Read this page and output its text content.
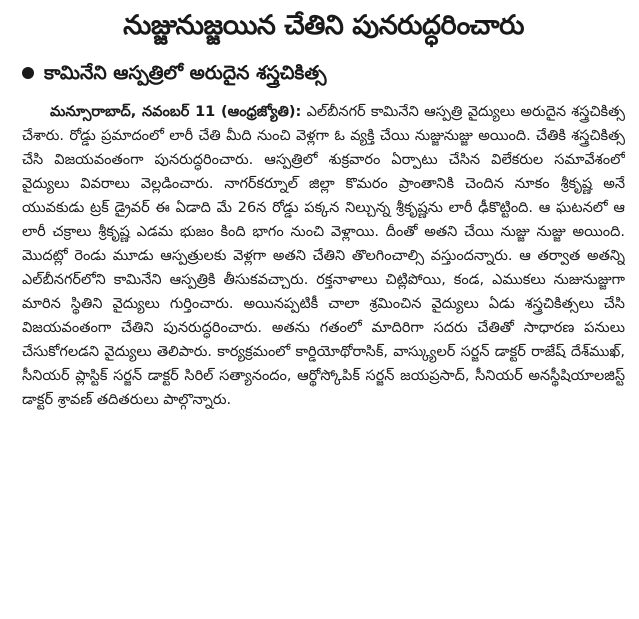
నుజ్జునుజ్జయిన చేతిని పునరుద్ధరించారు
కామినేని ఆస్పత్రిలో అరుదైన శస్త్రచికిత్స

మన్సూరాబాద్‌, నవంబర్‌ 11 (ఆంధ్రజ్యోతి): ఎల్‌బీనగర్‌ కామినేని ఆస్పత్రి వైద్యులు అరుదైన శస్త్రచికిత్స చేశారు. రోడ్డు ప్రమాదంలో లారీ చేతి మీది నుంచి వెళ్లగా ఓ వ్యక్తి చేయి నుజ్జునుజ్జు అయింది. చేతికి శస్త్రచికిత్స చేసి విజయవంతంగా పునరుద్ధరించారు. ఆస్పత్రిలో శుక్రవారం ఏర్పాటు చేసిన విలేకరుల సమావేశంలో వైద్యులు వివరాలు వెల్లడించారు. నాగర్‌కర్నూల్‌ జిల్లా కొమరం ప్రాంతానికి చెందిన నూకం శ్రీకృష్ణ అనే యువకుడు ట్రక్‌ డ్రైవర్‌ ఈ ఏడాది మే 26న రోడ్డు పక్కన నిల్చున్న శ్రీకృష్ణను లారీ ఢీకొట్టింది. ఆ ఘటనలో ఆ లారీ చక్రాలు శ్రీకృష్ణ ఎడమ భుజం కింది భాగం నుంచి వెళ్లాయి. దీంతో అతని చేయి నుజ్జు నుజ్జు అయింది. మొదట్లో రెండు మూడు ఆస్పత్రులకు వెళ్లగా అతని చేతిని తొలగించాల్సి వస్తుందన్నారు. ఆ తర్వాత అతన్ని ఎల్‌బీనగర్‌లోని కామినేని ఆస్పత్రికి తీసుకవచ్చారు. రక్తనాళాలు చిట్లిపోయి, కండ, ఎముకలు నుజునుజ్జుగా మారిన స్థితిని వైద్యులు గుర్తించారు. అయినప్పటికీ చాలా శ్రమించిన వైద్యులు ఏడు శస్త్రచికిత్సలు చేసి విజయవంతంగా చేతిని పునరుద్ధరించారు. అతను గతంలో మాదిరిగా సదరు చేతితో సాధారణ పనులు చేసుకోగలడని వైద్యులు తెలిపారు. కార్యక్రమంలో కార్డియోథోరాసిక్‌, వాస్క్యులర్‌ సర్జన్‌ డాక్టర్‌ రాజేష్‌ దేశ్‌ముఖ్‌, సీనియర్‌ ప్లాస్టిక్‌ సర్జన్‌ డాక్టర్‌ సిరిల్‌ సత్యానందం, ఆర్థోస్కోపిక్‌ సర్జన్‌ జయప్రసాద్‌, సీనియర్‌ అనస్థీషియాలజిస్ట్‌ డాక్టర్‌ శ్రావణ్‌ తదితరులు పాల్గొన్నారు.
